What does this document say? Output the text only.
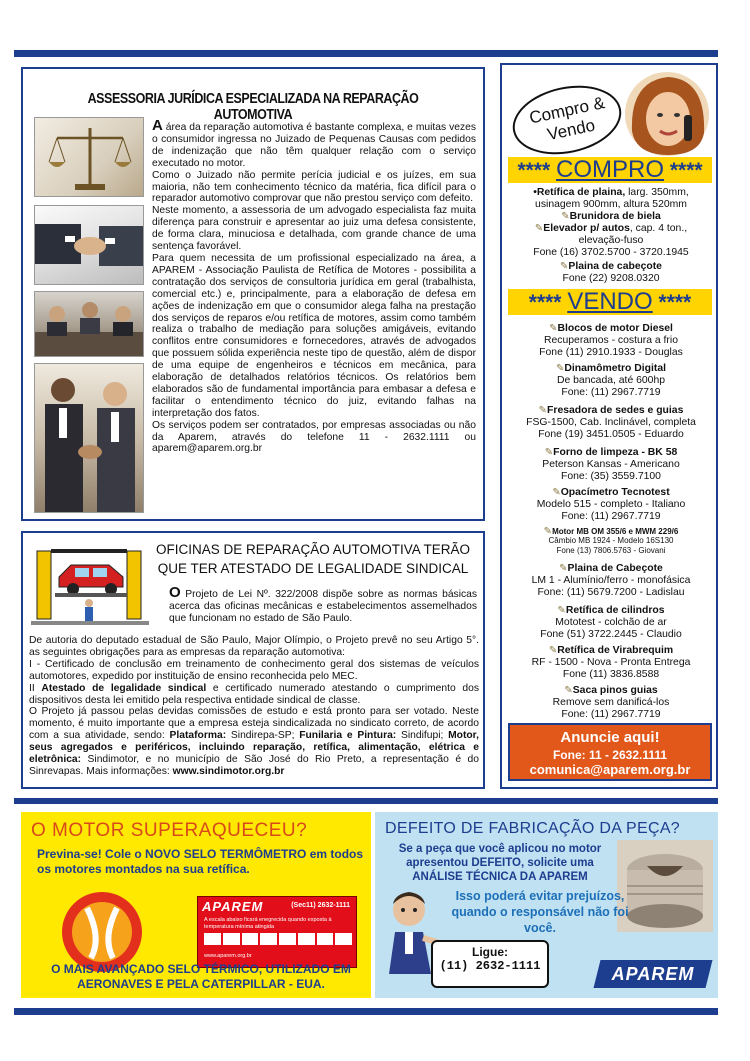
ASSESSORIA JURÍDICA ESPECIALIZADA NA REPARAÇÃO AUTOMOTIVA
A área da reparação automotiva é bastante complexa, e muitas vezes o consumidor ingressa no Juizado de Pequenas Causas com pedidos de indenização que não têm qualquer relação com o serviço executado no motor.
Como o Juizado não permite perícia judicial e os juízes, em sua maioria, não tem conhecimento técnico da matéria, fica difícil para o reparador automotivo comprovar que não prestou serviço com defeito.
Neste momento, a assessoria de um advogado especialista faz muita diferença para construir e apresentar ao juiz uma defesa consistente, de forma clara, minuciosa e detalhada, com grande chance de uma sentença favorável.
Para quem necessita de um profissional especializado na área, a APAREM - Associação Paulista de Retífica de Motores - possibilita a contratação dos serviços de consultoria jurídica em geral (trabalhista, comercial etc.) e, principalmente, para a elaboração de defesa em ações de indenização em que o consumidor alega falha na prestação dos serviços de reparos e/ou retífica de motores, assim como também realiza o trabalho de mediação para soluções amigáveis, evitando conflitos entre consumidores e fornecedores, através de advogados que possuem sólida experiência neste tipo de questão, além de dispor de uma equipe de engenheiros e técnicos em mecânica, para elaboração de detalhados relatórios técnicos. Os relatórios bem elaborados são de fundamental importância para embasar a defesa e facilitar o entendimento técnico do juiz, evitando falhas na interpretação dos fatos.
Os serviços podem ser contratados, por empresas associadas ou não da Aparem, através do telefone 11 - 2632.1111 ou aparem@aparem.org.br
OFICINAS DE REPARAÇÃO AUTOMOTIVA TERÃO
QUE TER ATESTADO DE LEGALIDADE SINDICAL
O Projeto de Lei Nº. 322/2008 dispõe sobre as normas básicas acerca das oficinas mecânicas e estabelecimentos assemelhados que funcionam no estado de São Paulo.
De autoria do deputado estadual de São Paulo, Major Olímpio, o Projeto prevê no seu Artigo 5°. as seguintes obrigações para as empresas da reparação automotiva:
I - Certificado de conclusão em treinamento de conhecimento geral dos sistemas de veículos automotores, expedido por instituição de ensino reconhecida pelo MEC.
II Atestado de legalidade sindical e certificado numerado atestando o cumprimento dos dispositivos desta lei emitido pela respectiva entidade sindical de classe.
O Projeto já passou pelas devidas comissões de estudo e está pronto para ser votado. Neste momento, é muito importante que a empresa esteja sindicalizada no sindicato correto, de acordo com a sua atividade, sendo: Plataforma: Sindirepa-SP; Funilaria e Pintura: Sindifupi; Motor, seus agregados e periféricos, incluindo reparação, retífica, alimentação, elétrica e eletrônica: Sindimotor, e no município de São José do Rio Preto, a representação é do Sinrevapas. Mais informações: www.sindimotor.org.br
Compro & Vendo
**** COMPRO ****
•Retífica de plaina, larg. 350mm,
usinagem 900mm, altura 520mm
✎Brunidora de biela
✎Elevador p/ autos, cap. 4 ton.,
elevação-fuso
Fone (16) 3702.5700 - 3720.1945
✎Plaina de cabeçote
Fone (22) 9208.0320
**** VENDO ****
✎Blocos de motor Diesel
Recuperamos - costura a frio
Fone (11) 2910.1933 - Douglas
✎Dinamômetro Digital
De bancada, até 600hp
Fone: (11) 2967.7719
✎Fresadora de sedes e guias
FSG-1500, Cab. Inclinável, completa
Fone (19) 3451.0505 - Eduardo
✎Forno de limpeza - BK 58
Peterson Kansas - Americano
Fone: (35) 3559.7100
✎Opacímetro Tecnotest
Modelo 515 - completo - Italiano
Fone: (11) 2967.7719
✎Motor MB OM 355/6 e MWM 229/6
Câmbio MB 1924 - Modelo 16S130
Fone (13) 7806.5763 - Giovani
✎Plaina de Cabeçote
LM 1 - Alumínio/ferro - monofásica
Fone: (11) 5679.7200 - Ladislau
✎Retífica de cilindros
Mototest - colchão de ar
Fone (51) 3722.2445 - Claudio
✎Retífica de Virabrequim
RF - 1500 - Nova - Pronta Entrega
Fone (11) 3836.8588
✎Saca pinos guias
Remove sem danificá-los
Fone: (11) 2967.7719
Anuncie aqui!
Fone: 11 - 2632.1111
comunica@aparem.org.br
O MOTOR SUPERAQUECEU?
Previna-se! Cole o NOVO SELO TERMÔMETRO em todos os motores montados na sua retífica.
APAREM	(Sec11) 2632-1111
A escala abaixo ficará enegrecida quando exposta à temperatura mínima atingida
www.aparem.org.br
O MAIS AVANÇADO SELO TÉRMICO, UTILIZADO EM AERONAVES E PELA CATERPILLAR - EUA.
DEFEITO DE FABRICAÇÃO DA PEÇA?
Se a peça que você aplicou no motor apresentou DEFEITO, solicite uma ANÁLISE TÉCNICA DA APAREM
Isso poderá evitar prejuízos, quando o responsável não foi você.
Ligue:
(11) 2632-1111	APAREM
